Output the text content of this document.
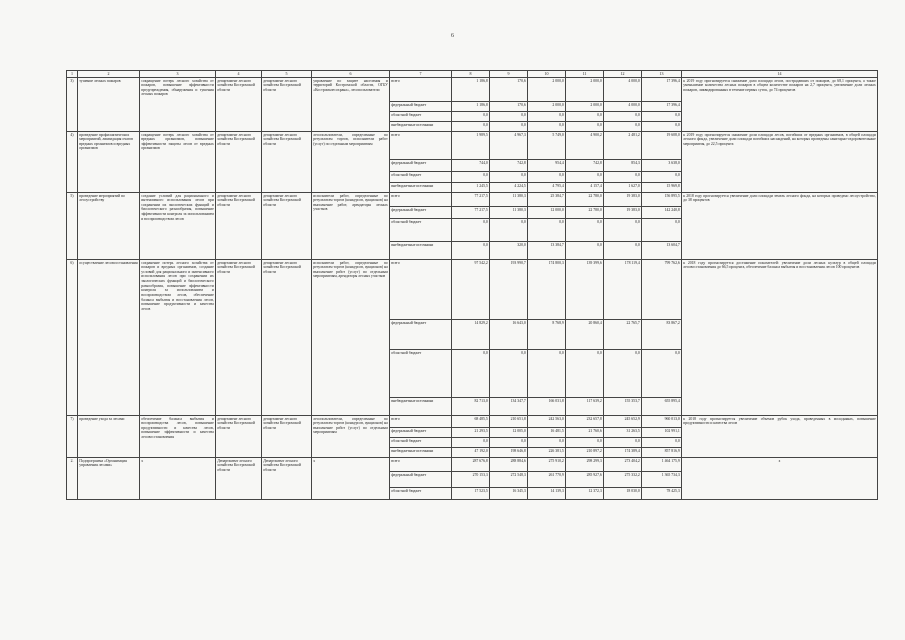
6
1	2	3	4	5	6	7	8	9	10	11	12	13	14
3)	тушение лесных пожаров	сокращение потерь лесного хозяйства от пожаров, повышение эффективности предупреждения, обнаружения и тушения лесных пожаров	департамент лесного хозяйства Костромской области	департамент лесного хозяйства Костромской области	управление по защите населения и территорий Костромской области, ОГБУ «Костромалесохрана», лесопользователи	всего	1 186,8	170,6	2 000,0	2 000,0	4 000,0	17 396,4	к 2019 году прогнозируется снижение доли площади лесов, пострадавших от пожаров, до 68,1 процента, а также уменьшение количества лесных пожаров в общем количестве пожаров на 2,7 процента, увеличение доли лесных пожаров, ликвидированных в течение первых суток, до 74 процентов
						федеральный бюджет	1 186,8	170,6	2 000,0	2 000,0	4 000,0	17 396,4	
						областной бюджет	0,0	0,0	0,0	0,0	0,0	0,0	
						внебюджетные источники	0,0	0,0	0,0	0,0	0,0	0,0	
4)	проведение профилактических мероприятий, ликвидация очагов вредных организмов и вредных организмов	сокращение потерь лесного хозяйства от вредных организмов, повышение эффективности защиты лесов от вредных организмов	департамент лесного хозяйства Костромской области	департамент лесного хозяйства Костромской области	лесопользователи, определенные по результатам торгов, исполнители работ (услуг) по отдельным мероприятиям	всего	1 989,5	4 967,3	5 749,0	4 900,2	2 481,2	19 608,0	к 2019 году прогнозируется снижение доли площади лесов, погибших от вредных организмов, в общей площади лесного фонда, увеличение доли площади погибших насаждений, на которых проведены санитарно-оздоровительные мероприятия, до 22,5 процента
						федеральный бюджет	744,0	742,8	954,4	742,8	854,3	3 638,0	
						областной бюджет	0,0	0,0	0,0	0,0	0,0	0,0	
						внебюджетные источники	1 245,5	4 224,5	4 795,4	4 157,4	1 627,0	15 969,8	
5)	проведение мероприятий по лесоустройству	создание условий для рационального и интенсивного использования лесов при сохранении их экологических функций и биологического разнообразия, повышение эффективности контроля за использованием и воспроизводством лесов	департамент лесного хозяйства Костромской области	департамент лесного хозяйства Костромской области	исполнители работ, определенные по результатам торгов (конкурсов, аукционов) на выполнение работ, арендаторы лесных участков	всего	77 217,5	11 380,3	25 384,7	22 780,0	19 383,0	156 895,5	к 2018 году прогнозируется увеличение доли площади земель лесного фонда, на которых проведено лесоустройство, до 38 процентов
						федеральный бюджет	77 217,5	11 380,3	12 000,0	22 780,0	19 383,0	142 240,8	
						областной бюджет	0,0	0,0	0,0	0,0	0,0	0,0	
						внебюджетные источники	0,0	320,0	13 384,7	0,0	0,0	13 604,7	
6)	осуществление лесовосстановления	сохранение потерь лесного хозяйства от пожаров и вредных организмов, создание условий для рационального и интенсивного использования лесов при сохранении их экологических функций и биологического разнообразия, повышение эффективности контроля за использованием и воспроизводством лесов, обеспечение баланса выбытия и восстановления лесов, повышение продуктивности и качества лесов	департамент лесного хозяйства Костромской области	департамент лесного хозяйства Костромской области	исполнители работ, определенные по результатам торгов (конкурсов, аукционов) на выполнение работ (услуг) по отдельным мероприятиям, арендаторы лесных участков	всего	97 542,2	193 990,7	174 800,3	139 399,6	178 119,4	799 762,6	к 2018 году прогнозируется достижение показателей: увеличение доли лесных культур в общей площади лесовосстановления до 66,5 процента, обеспечение баланса выбытия и восстановления лесов 100 процентов
						федеральный бюджет	14 829,2	16 643,0	8 768,9	20 860,4	22 765,7	83 867,2	
						областной бюджет	0,0	0,0	0,0	0,0	0,0	0,0	
						внебюджетные источники	82 713,0	134 347,7	166 031,8	117 639,2	155 353,7	655 895,4	
7)	проведение ухода за лесами	обеспечение баланса выбытия и воспроизводства лесов, повышение продуктивности и качества лесов, повышение эффективности и качества лесовосстановления	департамент лесного хозяйства Костромской области	департамент лесного хозяйства Костромской области	лесопользователи, определенные по результатам торгов (конкурсов, аукционов) на выполнение работ (услуг) по отдельным мероприятиям	всего	68 485,5	210 651,8	242 563,0	232 657,8	245 652,9	960 013,0	к 2018 году прогнозируется увеличение объемов рубок ухода, проведенных в молодняках, повышение продуктивности и качества лесов
						федеральный бюджет	21 293,5	12 005,0	16 481,5	21 760,6	31 263,5	102 991,1	
						областной бюджет	0,0	0,0	0,0	0,0	0,0	0,0	
						внебюджетные источники	47 192,0	198 646,8	226 381,5	210 897,2	174 389,4	857 816,9	
2.	Подпрограмма «Организация управления лесами»	х	Департамент лесного хозяйства Костромской области	Департамент лесного хозяйства Костромской области	х	всего	287 676,8	288 884,6	275 910,2	298 299,3	273 404,2	1 464 175,9	х
						федеральный бюджет	270 153,3	272 548,3	261 770,9	285 927,6	275 332,2	1 365 734,3	
						областной бюджет	17 523,5	16 345,3	14 139,3	12 372,3	18 030,0	78 425,3	
